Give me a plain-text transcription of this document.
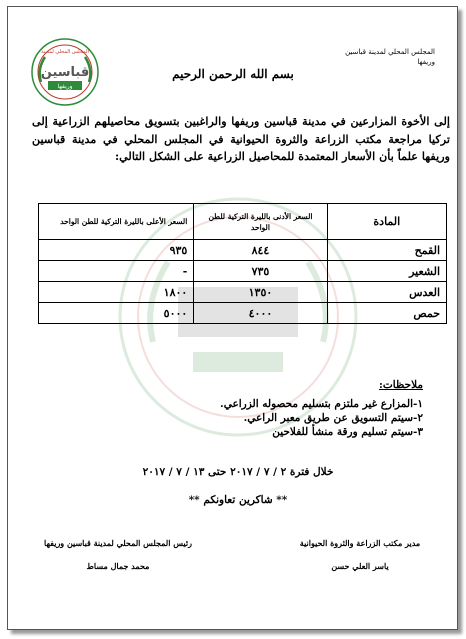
المجلس المحلي لمدينة قباسين
وريفها
المجلس المحلي لمدينة
قباسين
وريفها
بسم الله الرحمن الرحيم
إلى الأخوة المزارعين في مدينة قباسين وريفها والراغبين بتسويق محاصيلهم الزراعية إلى تركيا مراجعة مكتب الزراعة والثروة الحيوانية في المجلس المحلي في مدينة قباسين وريفها علماً بأن الأسعار المعتمدة للمحاصيل الزراعية على الشكل التالي:
المادة	السعر الأدنى بالليرة التركية للطن الواحد	السعر الأعلى بالليرة التركية للطن الواحد
القمح	٨٤٤	٩٣٥
الشعير	٧٣٥	-
العدس	١٣٥٠	١٨٠٠
حمص	٤٠٠٠	٥٠٠٠
ملاحظات:
١-المزارع غير ملتزم بتسليم محصوله الزراعي.
٢-سيتم التسويق عن طريق معبر الراعي.
٣-سيتم تسليم ورقة منشأ للفلاحين
خلال فترة ٢ / ٧ / ٢٠١٧ حتى ١٣ / ٧ / ٢٠١٧
** شاكرين تعاونكم **
مدير مكتب الزراعة والثروة الحيوانية
ياسر العلي حسن
رئيس المجلس المحلي لمدينة قباسين وريفها
محمد جمال مساط
